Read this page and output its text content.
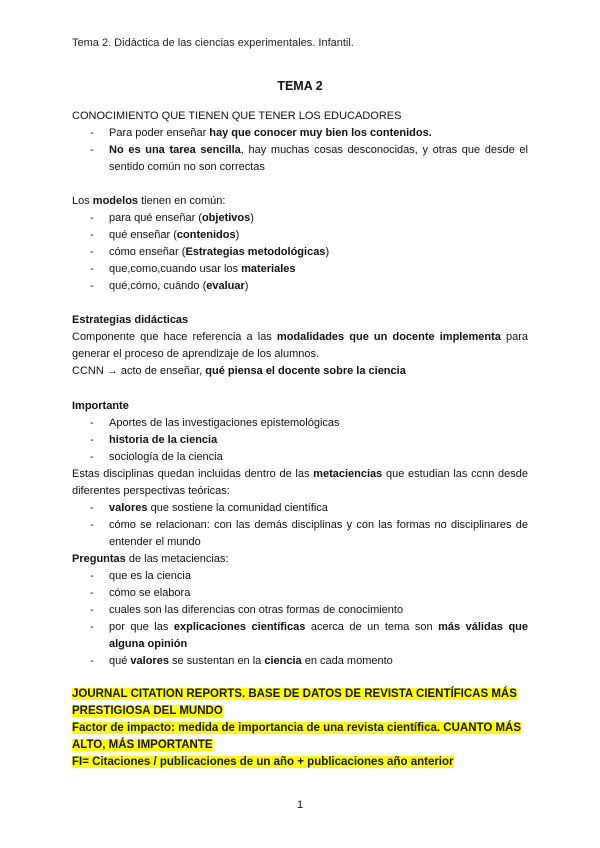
Tema 2. Didáctica de las ciencias experimentales. Infantil.
TEMA 2
CONOCIMIENTO QUE TIENEN QUE TENER LOS EDUCADORES
- Para poder enseñar hay que conocer muy bien los contenidos.
- No es una tarea sencilla, hay muchas cosas desconocidas, y otras que desde el sentido común no son correctas
Los modelos tienen en común:
- para qué enseñar (objetivos)
- qué enseñar (contenidos)
- cómo enseñar (Estrategias metodológicas)
- que,como,cuando usar los materiales
- qué,cómo, cuándo (evaluar)
Estrategias didácticas
Componente que hace referencia a las modalidades que un docente implementa para generar el proceso de aprendizaje de los alumnos.
CCNN → acto de enseñar, qué piensa el docente sobre la ciencia
Importante
- Aportes de las investigaciones epistemológicas
- historia de la ciencia
- sociología de la ciencia
Estas disciplinas quedan incluidas dentro de las metaciencias que estudian las ccnn desde diferentes perspectivas teóricas:
- valores que sostiene la comunidad científica
- cómo se relacionan: con las demás disciplinas y con las formas no disciplinares de entender el mundo
Preguntas de las metaciencias:
- que es la ciencia
- cómo se elabora
- cuales son las diferencias con otras formas de conocimiento
- por que las explicaciones científicas acerca de un tema son más válidas que alguna opinión
- qué valores se sustentan en la ciencia en cada momento
JOURNAL CITATION REPORTS. BASE DE DATOS DE REVISTA CIENTÍFICAS MÁS PRESTIGIOSA DEL MUNDO
Factor de impacto: medida de importancia de una revista científica. CUANTO MÁS ALTO, MÁS IMPORTANTE
FI= Citaciones / publicaciones de un año + publicaciones año anterior
1
